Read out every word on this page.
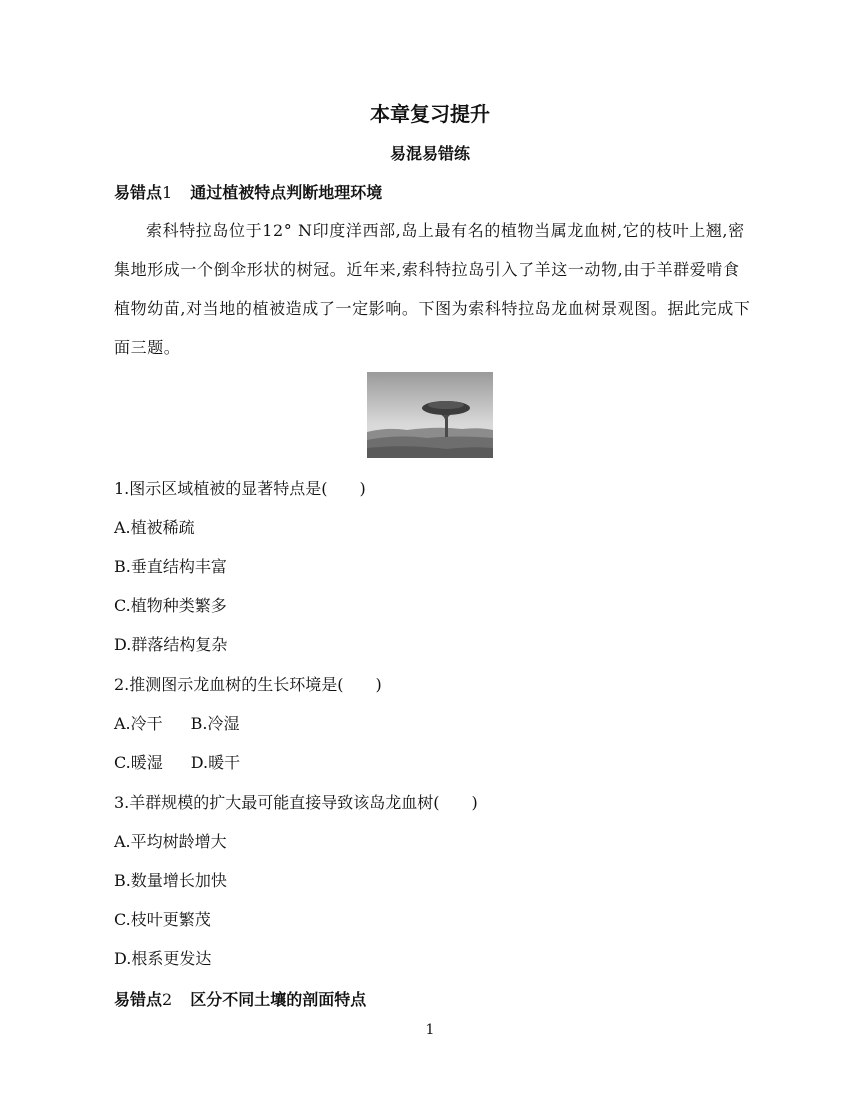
本章复习提升
易混易错练
易错点1 通过植被特点判断地理环境
索科特拉岛位于12° N印度洋西部,岛上最有名的植物当属龙血树,它的枝叶上翘,密集地形成一个倒伞形状的树冠。近年来,索科特拉岛引入了羊这一动物,由于羊群爱啃食植物幼苗,对当地的植被造成了一定影响。下图为索科特拉岛龙血树景观图。据此完成下面三题。
1.图示区域植被的显著特点是(　　)
A.植被稀疏
B.垂直结构丰富
C.植物种类繁多
D.群落结构复杂
2.推测图示龙血树的生长环境是(　　)
A.冷干 B.冷湿
C.暖湿 D.暖干
3.羊群规模的扩大最可能直接导致该岛龙血树(　　)
A.平均树龄增大
B.数量增长加快
C.枝叶更繁茂
D.根系更发达
易错点2 区分不同土壤的剖面特点
1
